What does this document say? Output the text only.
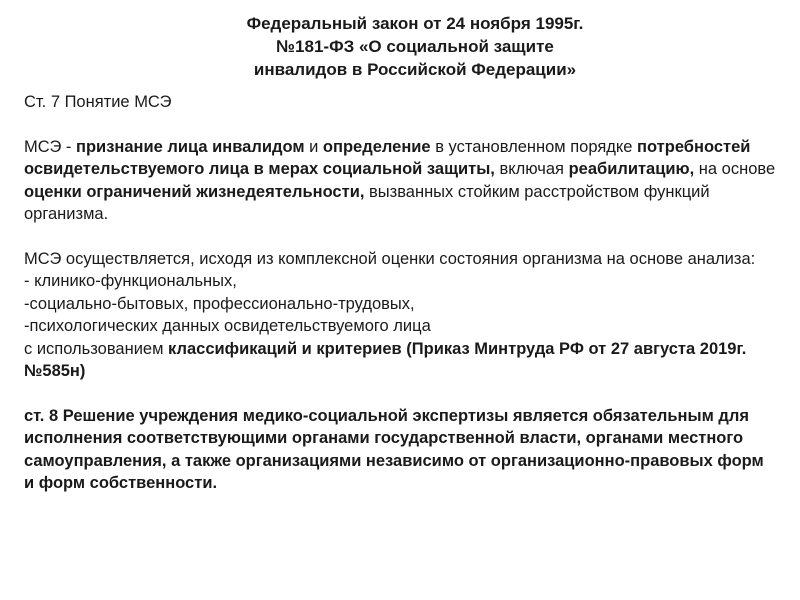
Федеральный закон от 24 ноября 1995г.
№181-ФЗ «О социальной защите
инвалидов в Российской Федерации»

Ст. 7 Понятие МСЭ

МСЭ - признание лица инвалидом и определение в установленном порядке потребностей освидетельствуемого лица в мерах социальной защиты, включая реабилитацию, на основе оценки ограничений жизнедеятельности, вызванных стойким расстройством функций организма.

МСЭ осуществляется, исходя из комплексной оценки состояния организма на основе анализа:
- клинико-функциональных,
-социально-бытовых, профессионально-трудовых,
-психологических данных освидетельствуемого лица
с использованием классификаций и критериев (Приказ Минтруда РФ от 27 августа 2019г. №585н)

ст. 8 Решение учреждения медико-социальной экспертизы является обязательным для исполнения соответствующими органами государственной власти, органами местного самоуправления, а также организациями независимо от организационно-правовых форм и форм собственности.
